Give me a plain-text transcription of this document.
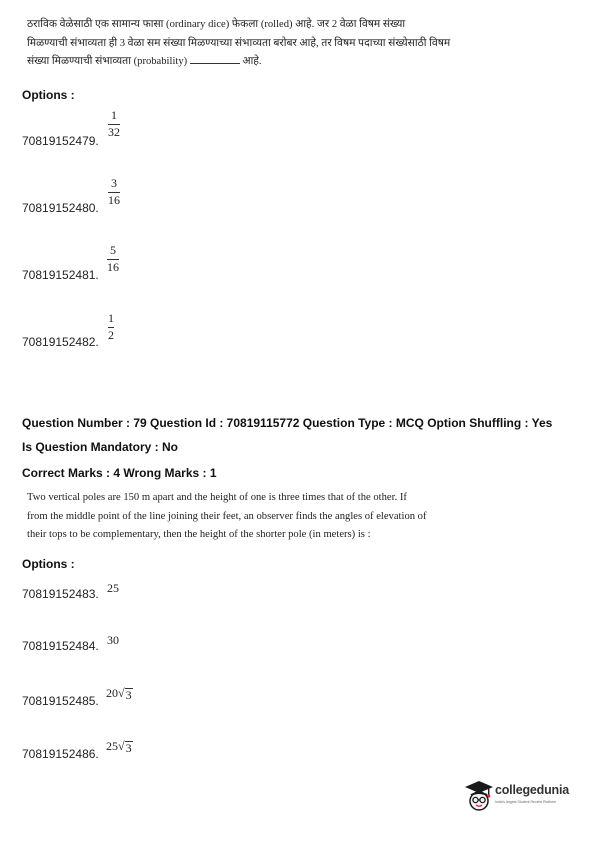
ठराविक वेळेसाठी एक सामान्य फासा (ordinary dice) फेकला (rolled) आहे. जर 2 वेळा विषम संख्या
मिळण्याची संभाव्यता ही 3 वेळा सम संख्या मिळण्याच्या संभाव्यता बरोबर आहे, तर विषम पदाच्या संख्येसाठी विषम
संख्या मिळण्याची संभाव्यता (probability)	आहे.
Options :
70819152479.
1
32
70819152480.
3
16
70819152481.
5
16
70819152482.
1
2
Question Number : 79 Question Id : 70819115772 Question Type : MCQ Option Shuffling : Yes
Is Question Mandatory : No
Correct Marks : 4 Wrong Marks : 1
Two vertical poles are 150 m apart and the height of one is three times that of the other. If
from the middle point of the line joining their feet, an observer finds the angles of elevation of
their tops to be complementary, then the height of the shorter pole (in meters) is :
Options :
70819152483. 25
70819152484. 30
70819152485.
20 √ 3
70819152486.
25 √ 3
collegedunia
India's largest Student Review Platform
